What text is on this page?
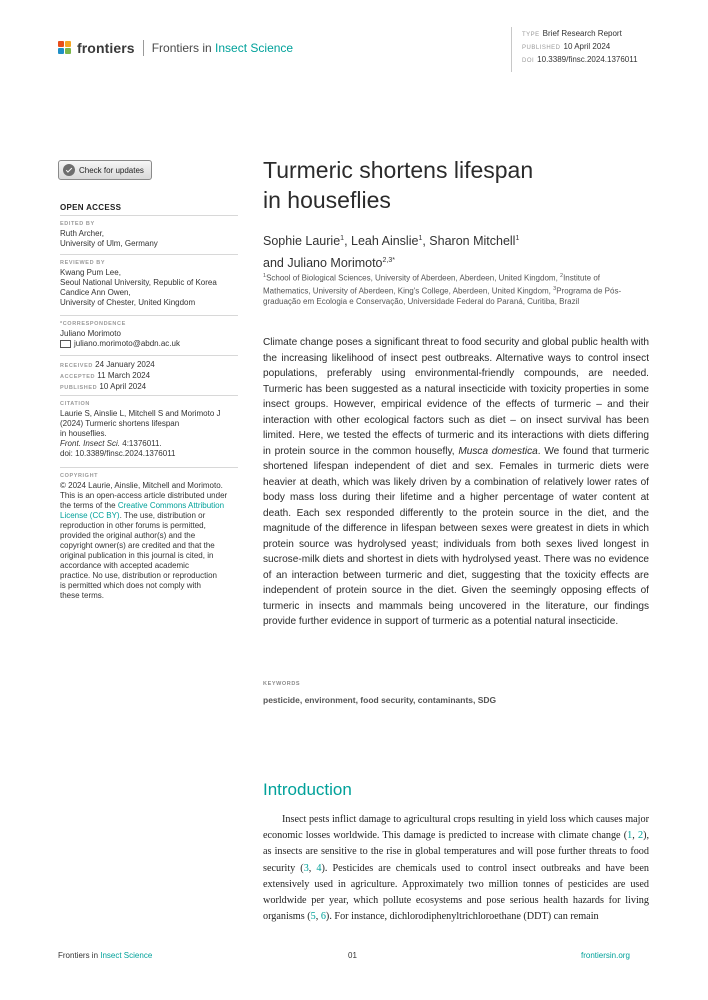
frontiers Frontiers in Insect Science
TYPE Brief Research Report
PUBLISHED 10 April 2024
DOI 10.3389/finsc.2024.1376011
Check for updates
OPEN ACCESS
EDITED BY
Ruth Archer,
University of Ulm, Germany
REVIEWED BY
Kwang Pum Lee,
Seoul National University, Republic of Korea
Candice Ann Owen,
University of Chester, United Kingdom
*CORRESPONDENCE
Juliano Morimoto
juliano.morimoto@abdn.ac.uk
RECEIVED 24 January 2024
ACCEPTED 11 March 2024
PUBLISHED 10 April 2024
CITATION
Laurie S, Ainslie L, Mitchell S and Morimoto J
(2024) Turmeric shortens lifespan
in houseflies.
Front. Insect Sci. 4:1376011.
doi: 10.3389/finsc.2024.1376011
COPYRIGHT
© 2024 Laurie, Ainslie, Mitchell and Morimoto.
This is an open-access article distributed under
the terms of the Creative Commons Attribution
License (CC BY). The use, distribution or
reproduction in other forums is permitted,
provided the original author(s) and the
copyright owner(s) are credited and that the
original publication in this journal is cited, in
accordance with accepted academic
practice. No use, distribution or reproduction
is permitted which does not comply with
these terms.
Turmeric shortens lifespan
in houseflies
Sophie Laurie$^1$, Leah Ainslie$^1$, Sharon Mitchell$^1$
and Juliano Morimoto$^{2,3*}$
$^1$School of Biological Sciences, University of Aberdeen, Aberdeen, United Kingdom, $^2$Institute of Mathematics, University of Aberdeen, King's College, Aberdeen, United Kingdom, $^3$Programa de Pós-graduação em Ecologia e Conservação, Universidade Federal do Paraná, Curitiba, Brazil
Climate change poses a significant threat to food security and global public health with the increasing likelihood of insect pest outbreaks. Alternative ways to control insect populations, preferably using environmental-friendly compounds, are needed. Turmeric has been suggested as a natural insecticide with toxicity properties in some insect groups. However, empirical evidence of the effects of turmeric – and their interaction with other ecological factors such as diet – on insect survival has been limited. Here, we tested the effects of turmeric and its interactions with diets differing in protein source in the common housefly, Musca domestica. We found that turmeric shortened lifespan independent of diet and sex. Females in turmeric diets were heavier at death, which was likely driven by a combination of relatively lower rates of body mass loss during their lifetime and a higher percentage of water content at death. Each sex responded differently to the protein source in the diet, and the magnitude of the difference in lifespan between sexes were greatest in diets in which protein source was hydrolysed yeast; individuals from both sexes lived longest in sucrose-milk diets and shortest in diets with hydrolysed yeast. There was no evidence of an interaction between turmeric and diet, suggesting that the toxicity effects are independent of protein source in the diet. Given the seemingly opposing effects of turmeric in insects and mammals being uncovered in the literature, our findings provide further evidence in support of turmeric as a potential natural insecticide.
KEYWORDS
pesticide, environment, food security, contaminants, SDG
Introduction
Insect pests inflict damage to agricultural crops resulting in yield loss which causes major economic losses worldwide. This damage is predicted to increase with climate change (1, 2), as insects are sensitive to the rise in global temperatures and will pose further threats to food security (3, 4). Pesticides are chemicals used to control insect outbreaks and have been extensively used in agriculture. Approximately two million tonnes of pesticides are used worldwide per year, which pollute ecosystems and pose serious health hazards for living organisms (5, 6). For instance, dichlorodiphenyltrichloroethane (DDT) can remain
Frontiers in Insect Science	01	frontiersin.org
